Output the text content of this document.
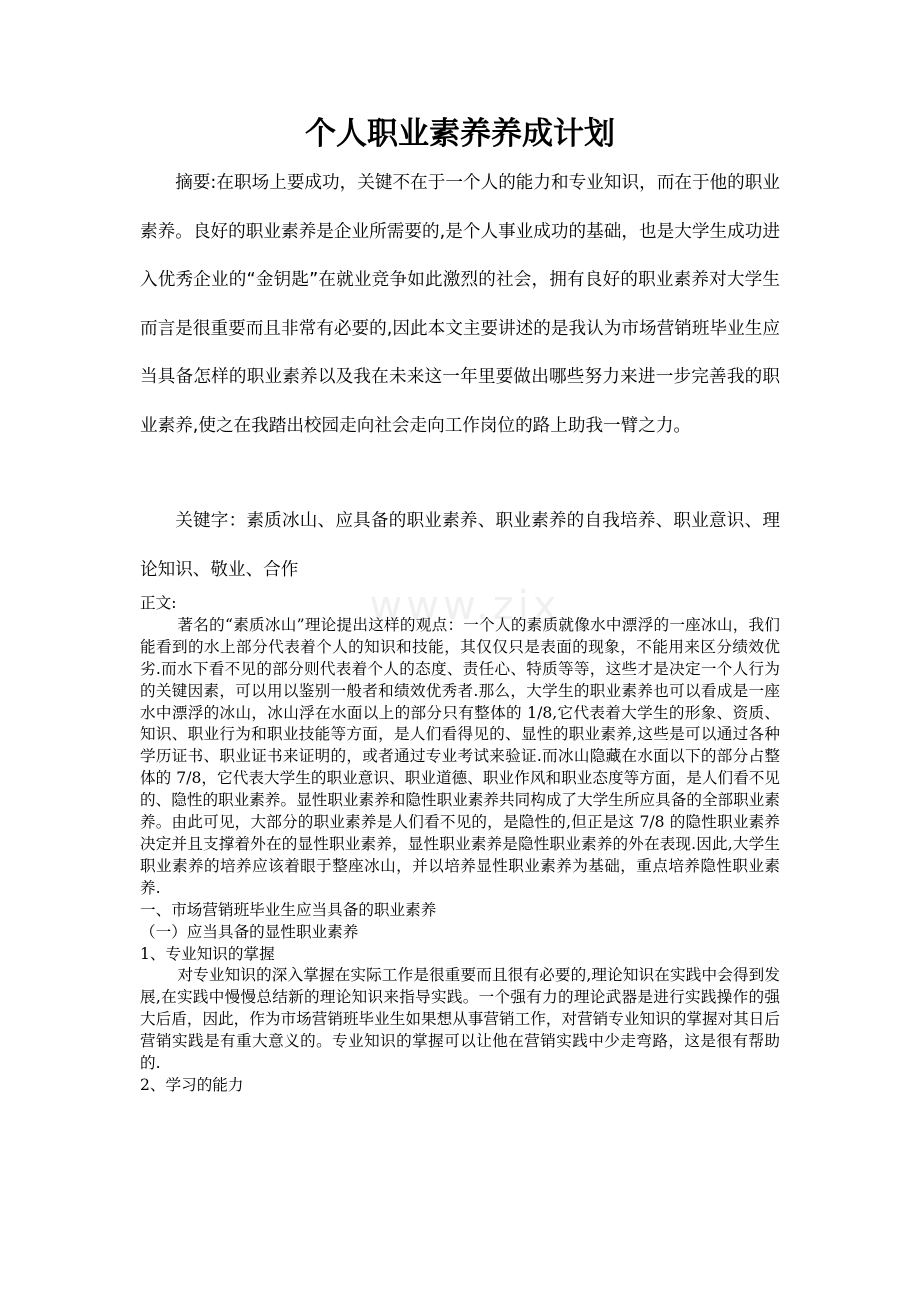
www.zix
个人职业素养养成计划

摘要:在职场上要成功，关键不在于一个人的能力和专业知识，而在于他的职业素养。良好的职业素养是企业所需要的,是个人事业成功的基础，也是大学生成功进入优秀企业的“金钥匙”在就业竞争如此激烈的社会，拥有良好的职业素养对大学生而言是很重要而且非常有必要的,因此本文主要讲述的是我认为市场营销班毕业生应当具备怎样的职业素养以及我在未来这一年里要做出哪些努力来进一步完善我的职业素养,使之在我踏出校园走向社会走向工作岗位的路上助我一臂之力。

关键字：素质冰山、应具备的职业素养、职业素养的自我培养、职业意识、理论知识、敬业、合作

正文:

著名的“素质冰山”理论提出这样的观点：一个人的素质就像水中漂浮的一座冰山，我们能看到的水上部分代表着个人的知识和技能，其仅仅只是表面的现象，不能用来区分绩效优劣.而水下看不见的部分则代表着个人的态度、责任心、特质等等，这些才是决定一个人行为的关键因素，可以用以鉴别一般者和绩效优秀者.那么，大学生的职业素养也可以看成是一座水中漂浮的冰山，冰山浮在水面以上的部分只有整体的 1/8,它代表着大学生的形象、资质、知识、职业行为和职业技能等方面，是人们看得见的、显性的职业素养,这些是可以通过各种学历证书、职业证书来证明的，或者通过专业考试来验证.而冰山隐藏在水面以下的部分占整体的 7/8，它代表大学生的职业意识、职业道德、职业作风和职业态度等方面，是人们看不见的、隐性的职业素养。显性职业素养和隐性职业素养共同构成了大学生所应具备的全部职业素养。由此可见，大部分的职业素养是人们看不见的，是隐性的,但正是这 7/8 的隐性职业素养决定并且支撑着外在的显性职业素养，显性职业素养是隐性职业素养的外在表现.因此,大学生职业素养的培养应该着眼于整座冰山，并以培养显性职业素养为基础，重点培养隐性职业素养.

一、市场营销班毕业生应当具备的职业素养

（一）应当具备的显性职业素养

1、专业知识的掌握

对专业知识的深入掌握在实际工作是很重要而且很有必要的,理论知识在实践中会得到发展,在实践中慢慢总结新的理论知识来指导实践。一个强有力的理论武器是进行实践操作的强大后盾，因此，作为市场营销班毕业生如果想从事营销工作，对营销专业知识的掌握对其日后营销实践是有重大意义的。专业知识的掌握可以让他在营销实践中少走弯路，这是很有帮助的.

2、学习的能力
